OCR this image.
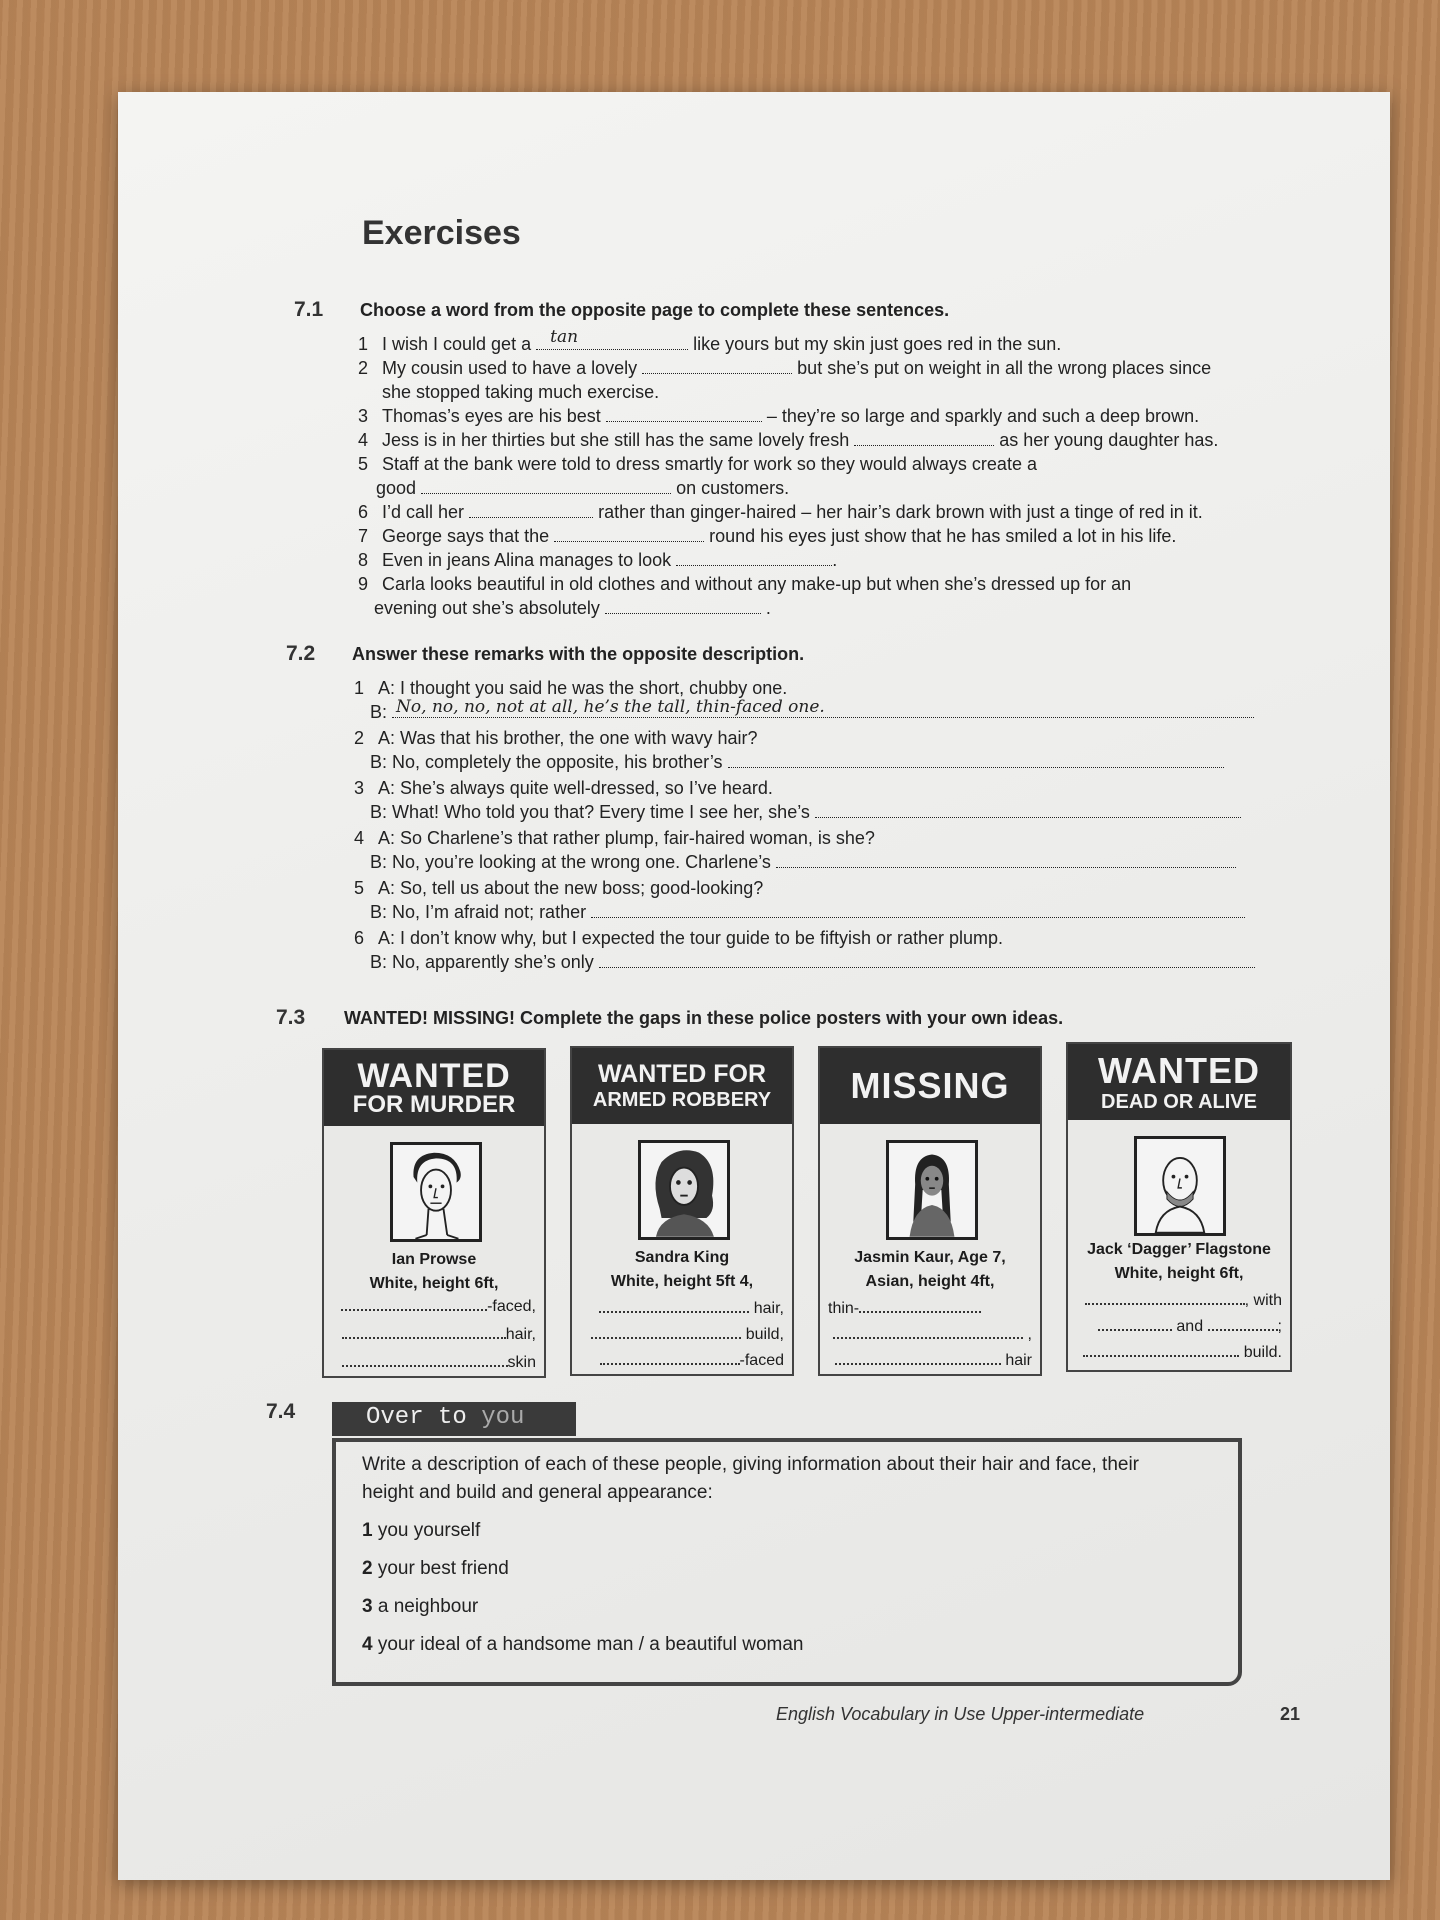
Exercises
7.1 Choose a word from the opposite page to complete these sentences.
1 I wish I could get a tan	like yours but my skin just goes red in the sun.
2 My cousin used to have a lovely	but she’s put on weight in all the wrong places since
she stopped taking much exercise.
3 Thomas’s eyes are his best	– they’re so large and sparkly and such a deep brown.
4 Jess is in her thirties but she still has the same lovely fresh	as her young daughter has.
5 Staff at the bank were told to dress smartly for work so they would always create a
good	on customers.
6 I’d call her	rather than ginger-haired – her hair’s dark brown with just a tinge of red in it.
7 George says that the	round his eyes just show that he has smiled a lot in his life.
8 Even in jeans Alina manages to look	.
9 Carla looks beautiful in old clothes and without any make-up but when she’s dressed up for an
evening out she’s absolutely	.
7.2 Answer these remarks with the opposite description.
1 A: I thought you said he was the short, chubby one.
B: No, no, no, not at all, he’s the tall, thin-faced one.
2 A: Was that his brother, the one with wavy hair?
B: No, completely the opposite, his brother’s
3 A: She’s always quite well-dressed, so I’ve heard.
B: What! Who told you that? Every time I see her, she’s
4 A: So Charlene’s that rather plump, fair-haired woman, is she?
B: No, you’re looking at the wrong one. Charlene’s
5 A: So, tell us about the new boss; good-looking?
B: No, I’m afraid not; rather
6 A: I don’t know why, but I expected the tour guide to be fiftyish or rather plump.
B: No, apparently she’s only
7.3 WANTED! MISSING! Complete the gaps in these police posters with your own ideas.
WANTED
FOR MURDER
Ian Prowse
White, height 6ft,
-faced,
hair,
skin
WANTED FOR
ARMED ROBBERY
Sandra King
White, height 5ft 4,
hair,
build,
-faced
MISSING
Jasmin Kaur, Age 7,
Asian, height 4ft,
thin-
,
hair
WANTED
DEAD OR ALIVE
Jack ‘Dagger’ Flagstone
White, height 6ft,
, with
and	;
build.
7.4	Over to you
Write a description of each of these people, giving information about their hair and face, their
height and build and general appearance:
1 you yourself
2 your best friend
3 a neighbour
4 your ideal of a handsome man / a beautiful woman
English Vocabulary in Use Upper-intermediate	21
